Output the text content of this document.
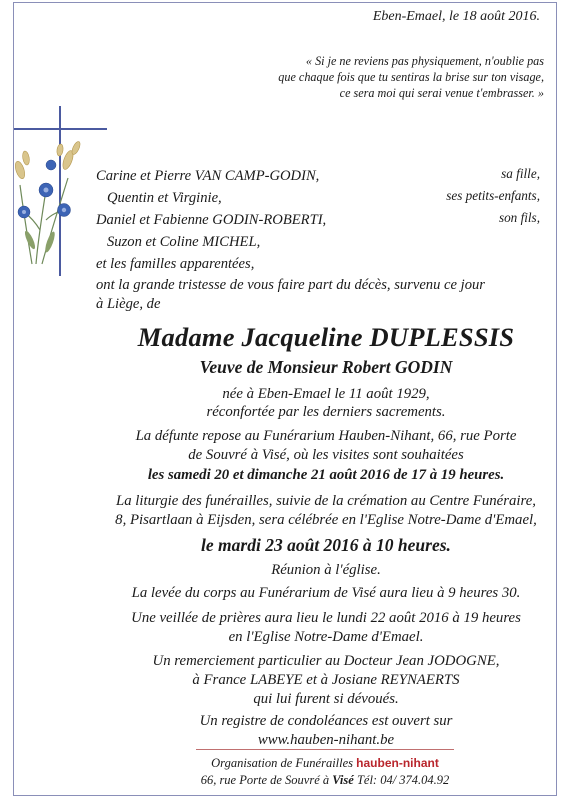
Eben-Emael, le 18 août 2016.
« Si je ne reviens pas physiquement, n'oublie pas
que chaque fois que tu sentiras la brise sur ton visage,
ce sera moi qui serai venue t'embrasser. »
Carine et Pierre VAN CAMP-GODIN,	sa fille,
Quentin et Virginie,	ses petits-enfants,
Daniel et Fabienne GODIN-ROBERTI,	son fils,
Suzon et Coline MICHEL,
et les familles apparentées,
ont la grande tristesse de vous faire part du décès, survenu ce jour
à Liège, de
Madame Jacqueline DUPLESSIS
Veuve de Monsieur Robert GODIN
née à Eben-Emael le 11 août 1929,
réconfortée par les derniers sacrements.
La défunte repose au Funérarium Hauben-Nihant, 66, rue Porte
de Souvré à Visé, où les visites sont souhaitées
les samedi 20 et dimanche 21 août 2016 de 17 à 19 heures.
La liturgie des funérailles, suivie de la crémation au Centre Funéraire,
8, Pisartlaan à Eijsden, sera célébrée en l'Eglise Notre-Dame d'Emael,
le mardi 23 août 2016 à 10 heures.
Réunion à l'église.
La levée du corps au Funérarium de Visé aura lieu à 9 heures 30.
Une veillée de prières aura lieu le lundi 22 août 2016 à 19 heures
en l'Eglise Notre-Dame d'Emael.
Un remerciement particulier au Docteur Jean JODOGNE,
à France LABEYE et à Josiane REYNAERTS
qui lui furent si dévoués.
Un registre de condoléances est ouvert sur
www.hauben-nihant.be
Organisation de Funérailles hauben-nihant
66, rue Porte de Souvré à Visé Tél: 04/ 374.04.92
